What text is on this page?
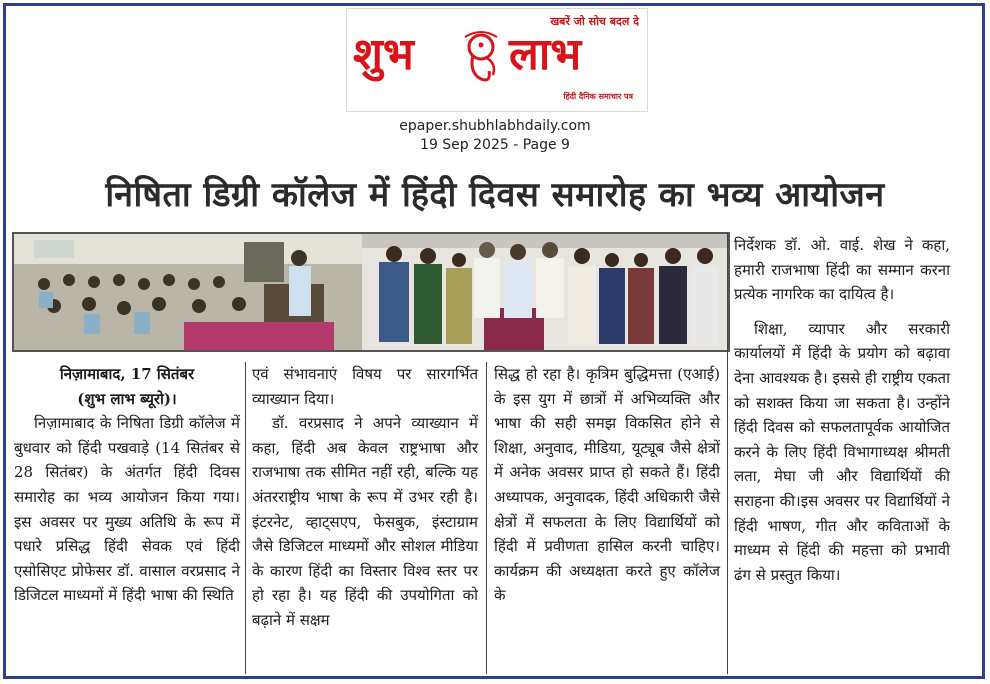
खबरें जो सोच बदल दे
शुभ लाभ
हिंदी दैनिक समाचार पत्र
epaper.shubhlabhdaily.com
19 Sep 2025 - Page 9
निषिता डिग्री कॉलेज में हिंदी दिवस समारोह का भव्य आयोजन

निज़ामाबाद, 17 सितंबर

(शुभ लाभ ब्यूरो)।

निज़ामाबाद के निषिता डिग्री कॉलेज में बुधवार को हिंदी पखवाड़े (14 सितंबर से 28 सितंबर) के अंतर्गत हिंदी दिवस समारोह का भव्य आयोजन किया गया। इस अवसर पर मुख्य अतिथि के रूप में पधारे प्रसिद्ध हिंदी सेवक एवं हिंदी एसोसिएट प्रोफेसर डॉ. वासाल वरप्रसाद ने डिजिटल माध्यमों में हिंदी भाषा की स्थिति

एवं संभावनाएं विषय पर सारगर्भित व्याख्यान दिया।

डॉ. वरप्रसाद ने अपने व्याख्यान में कहा, हिंदी अब केवल राष्ट्रभाषा और राजभाषा तक सीमित नहीं रही, बल्कि यह अंतरराष्ट्रीय भाषा के रूप में उभर रही है। इंटरनेट, व्हाट्सएप, फेसबुक, इंस्टाग्राम जैसे डिजिटल माध्यमों और सोशल मीडिया के कारण हिंदी का विस्तार विश्व स्तर पर हो रहा है। यह हिंदी की उपयोगिता को बढ़ाने में सक्षम

सिद्ध हो रहा है। कृत्रिम बुद्धिमत्ता (एआई) के इस युग में छात्रों में अभिव्यक्ति और भाषा की सही समझ विकसित होने से शिक्षा, अनुवाद, मीडिया, यूट्यूब जैसे क्षेत्रों में अनेक अवसर प्राप्त हो सकते हैं। हिंदी अध्यापक, अनुवादक, हिंदी अधिकारी जैसे क्षेत्रों में सफलता के लिए विद्यार्थियों को हिंदी में प्रवीणता हासिल करनी चाहिए।कार्यक्रम की अध्यक्षता करते हुए कॉलेज के

निर्देशक डॉ. ओ. वाई. शेख ने कहा, हमारी राजभाषा हिंदी का सम्मान करना प्रत्येक नागरिक का दायित्व है।

शिक्षा, व्यापार और सरकारी कार्यालयों में हिंदी के प्रयोग को बढ़ावा देना आवश्यक है। इससे ही राष्ट्रीय एकता को सशक्त किया जा सकता है। उन्होंने हिंदी दिवस को सफलतापूर्वक आयोजित करने के लिए हिंदी विभागाध्यक्ष श्रीमती लता, मेघा जी और विद्यार्थियों की सराहना की।इस अवसर पर विद्यार्थियों ने हिंदी भाषण, गीत और कविताओं के माध्यम से हिंदी की महत्ता को प्रभावी ढंग से प्रस्तुत किया।
